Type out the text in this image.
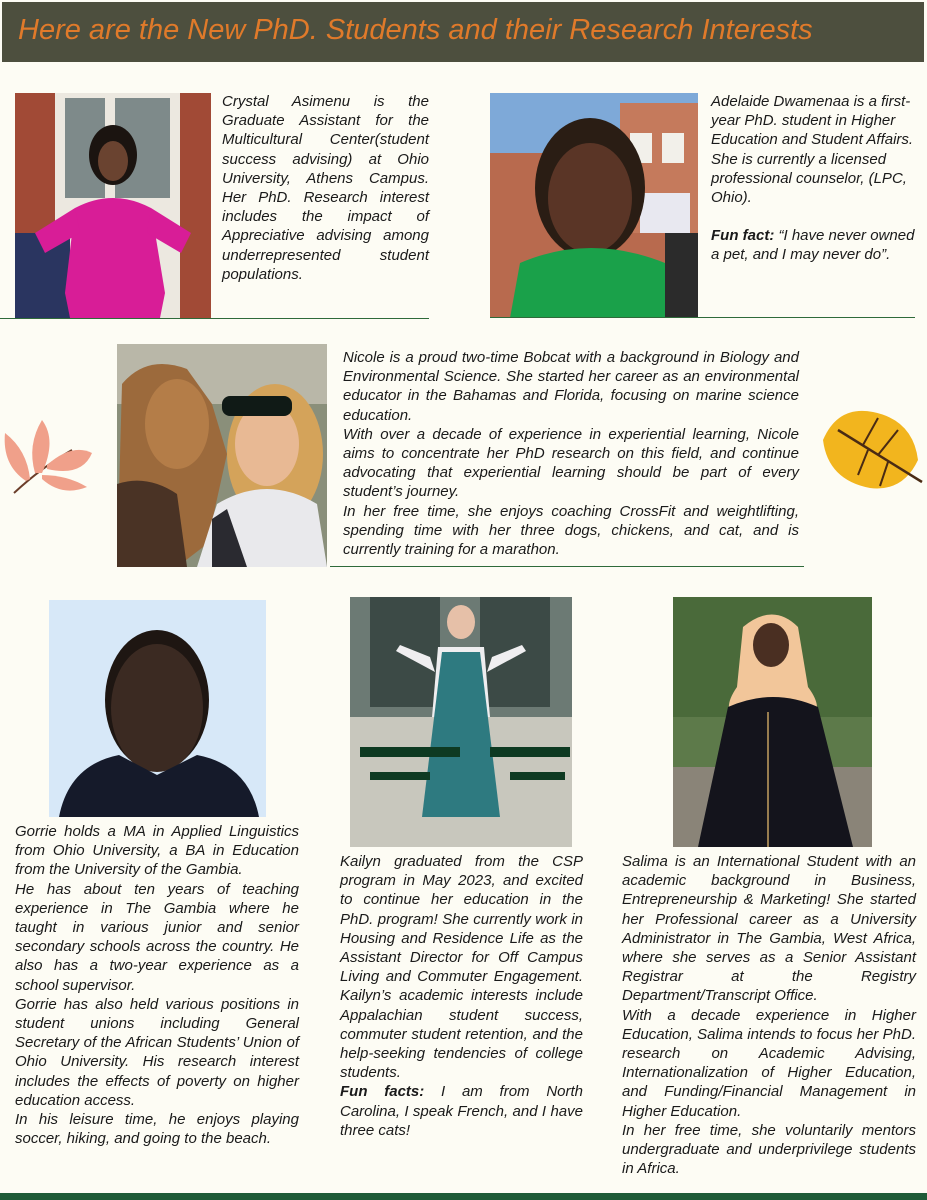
Here are the New PhD. Students and their Research Interests

Crystal Asimenu is the Graduate Assistant for the Multicultural Center(student success advising) at Ohio University, Athens Campus. Her PhD. Research interest includes the impact of Appreciative advising among underrepresented student populations.

Adelaide Dwamenaa is a first-year PhD. student in Higher Education and Student Affairs.

She is currently a licensed professional counselor, (LPC, Ohio).

Fun fact: “I have never owned a pet, and I may never do”.

Nicole is a proud two-time Bobcat with a background in Biology and Environmental Science. She started her career as an environmental educator in the Bahamas and Florida, focusing on marine science education.

With over a decade of experience in experiential learning, Nicole aims to concentrate her PhD research on this field, and continue advocating that experiential learning should be part of every student’s journey.

In her free time, she enjoys coaching CrossFit and weightlifting, spending time with her three dogs, chickens, and cat, and is currently training for a marathon.

Gorrie holds a MA in Applied Linguistics from Ohio University, a BA in Education from the University of the Gambia.

He has about ten years of teaching experience in The Gambia where he taught in various junior and senior secondary schools across the country. He also has a two-year experience as a school supervisor.

Gorrie has also held various positions in student unions including General Secretary of the African Students’ Union of Ohio University. His research interest includes the effects of poverty on higher education access.

In his leisure time, he enjoys playing soccer, hiking, and going to the beach.

Kailyn graduated from the CSP program in May 2023, and excited to continue her education in the PhD. program! She currently work in Housing and Residence Life as the Assistant Director for Off Campus Living and Commuter Engagement. Kailyn’s academic interests include Appalachian student success, commuter student retention, and the help-seeking tendencies of college students.

Fun facts: I am from North Carolina, I speak French, and I have three cats!

Salima is an International Student with an academic background in Business, Entrepreneurship & Marketing! She started her Professional career as a University Administrator in The Gambia, West Africa, where she serves as a Senior Assistant Registrar at the Registry Department/Transcript Office.

With a decade experience in Higher Education, Salima intends to focus her PhD. research on Academic Advising, Internationalization of Higher Education, and Funding/Financial Management in Higher Education.

In her free time, she voluntarily mentors undergraduate and underprivilege students in Africa.
